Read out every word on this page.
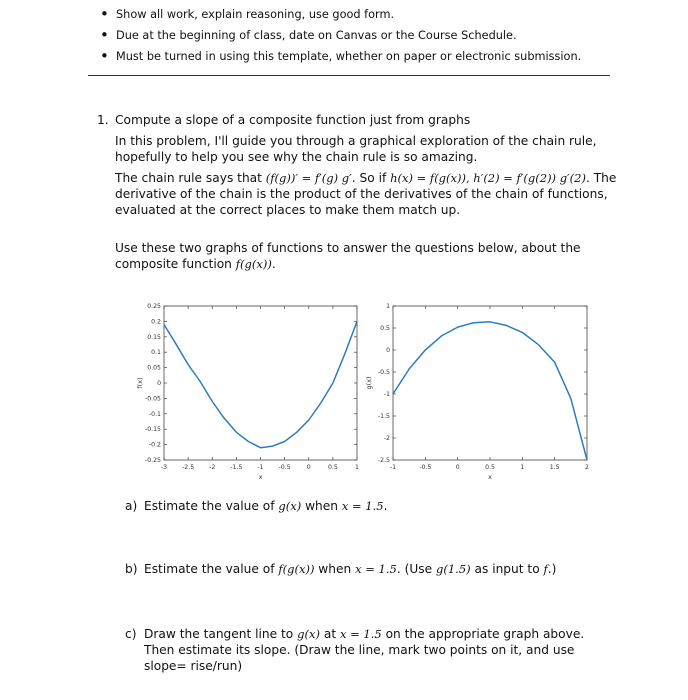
• Show all work, explain reasoning, use good form.
• Due at the beginning of class, date on Canvas or the Course Schedule.
• Must be turned in using this template, whether on paper or electronic submission.
1. Compute a slope of a composite function just from graphs

In this problem, I'll guide you through a graphical exploration of the chain rule, hopefully to help you see why the chain rule is so amazing.

The chain rule says that (f(g))′ = f′(g) g′. So if h(x) = f(g(x)), h′(2) = f′(g(2)) g′(2). The derivative of the chain is the product of the derivatives of the chain of functions, evaluated at the correct places to make them match up.

Use these two graphs of functions to answer the questions below, about the composite function f(g(x)).

-3 -2.5 -2 -1.5 -1 -0.5	0	0.5	1
0.25
0.2
0.15
0.1
0.05
0
-0.05
-0.1
-0.15
-0.2
-0.25
x
f(x)
-1	-0.5	0	0.5	1	1.5	2
1
0.5
0
-0.5
-1
-1.5
-2
-2.5
x
g(x)
a) Estimate the value of g(x) when x = 1.5.
b) Estimate the value of f(g(x)) when x = 1.5. (Use g(1.5) as input to f.)
c) Draw the tangent line to g(x) at x = 1.5 on the appropriate graph above. Then estimate its slope. (Draw the line, mark two points on it, and use slope= rise/run)
